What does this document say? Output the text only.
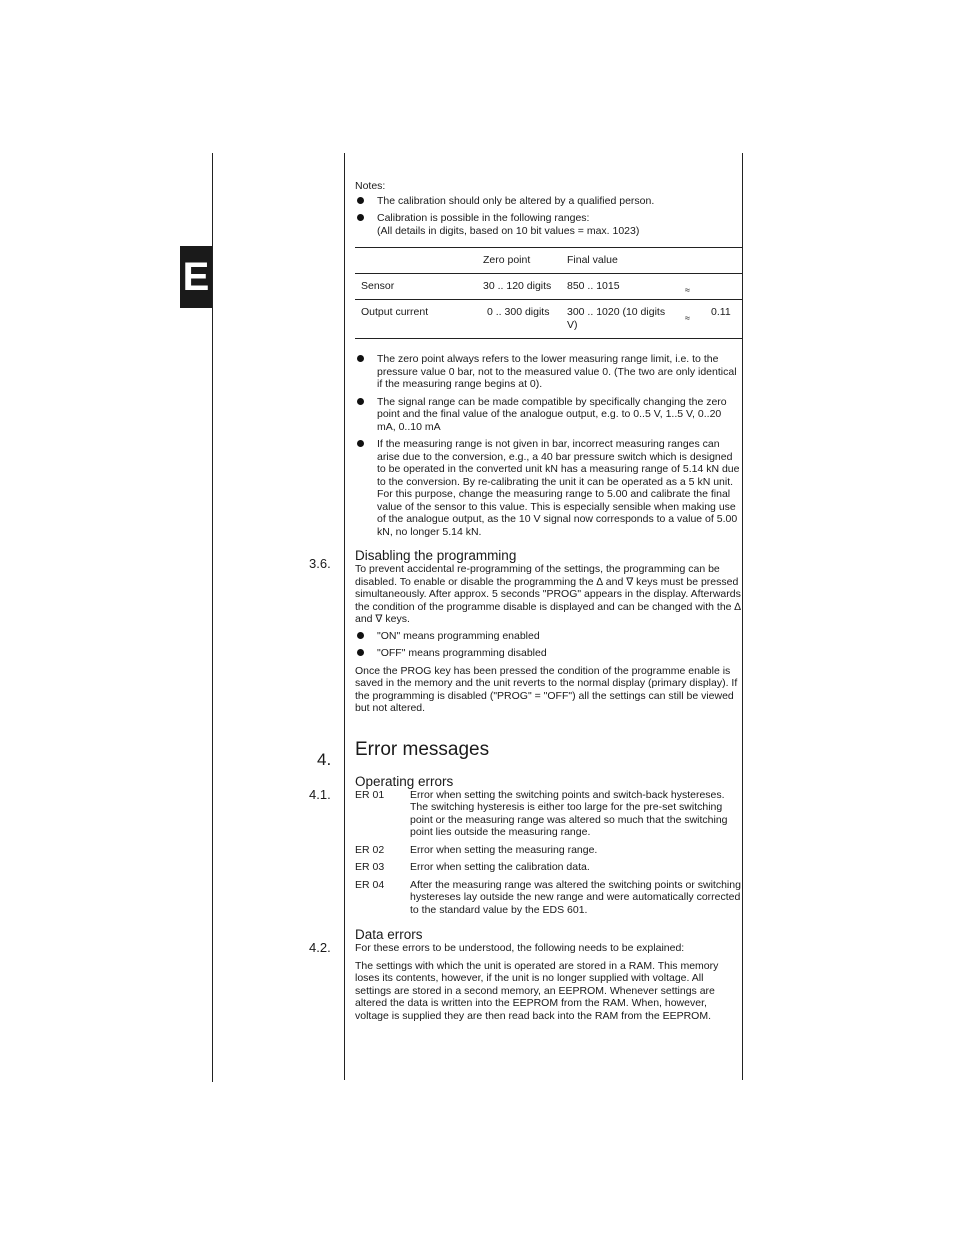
E
3.6.
4.
4.1.
4.2.

Notes:

The calibration should only be altered by a qualified person.
Calibration is possible in the following ranges:
(All details in digits, based on 10 bit values = max. 1023)
	Zero point	Final value	
Sensor	30 .. 120 digits	850 .. 1015	≈

Output current	0 .. 300 digits	300 .. 1020 (10 digits V)	≈ 0.11
The zero point always refers to the lower measuring range limit, i.e. to the pressure value 0 bar, not to the measured value 0. (The two are only identical if the measuring range begins at 0).
The signal range can be made compatible by specifically changing the zero point and the final value of the analogue output, e.g. to 0..5 V, 1..5 V, 0..20 mA, 0..10 mA
If the measuring range is not given in bar, incorrect measuring ranges can arise due to the conversion, e.g., a 40 bar pressure switch which is designed to be operated in the converted unit kN has a measuring range of 5.14 kN due to the conversion. By re-calibrating the unit it can be operated as a 5 kN unit. For this purpose, change the measuring range to 5.00 and calibrate the final value of the sensor to this value. This is especially sensible when making use of the analogue output, as the 10 V signal now corresponds to a value of 5.00 kN, no longer 5.14 kN.
Disabling the programming

To prevent accidental re-programming of the settings, the programming can be disabled. To enable or disable the programming the ∆ and ∇ keys must be pressed simultaneously. After approx. 5 seconds "PROG" appears in the display. Afterwards the condition of the programme disable is displayed and can be changed with the ∆ and ∇ keys.

"ON" means programming enabled
"OFF" means programming disabled

Once the PROG key has been pressed the condition of the programme enable is saved in the memory and the unit reverts to the normal display (primary display). If the programming is disabled ("PROG" = "OFF") all the settings can still be viewed but not altered.

Error messages
Operating errors
ER 01	Error when setting the switching points and switch-back hystereses. The switching hysteresis is either too large for the pre-set switching point or the measuring range was altered so much that the switching point lies outside the measuring range.
ER 02	Error when setting the measuring range.
ER 03	Error when setting the calibration data.
ER 04	After the measuring range was altered the switching points or switching hystereses lay outside the new range and were automatically corrected to the standard value by the EDS 601.
Data errors

For these errors to be understood, the following needs to be explained:

The settings with which the unit is operated are stored in a RAM. This memory loses its contents, however, if the unit is no longer supplied with voltage. All settings are stored in a second memory, an EEPROM. Whenever settings are altered the data is written into the EEPROM from the RAM. When, however, voltage is supplied they are then read back into the RAM from the EEPROM.
